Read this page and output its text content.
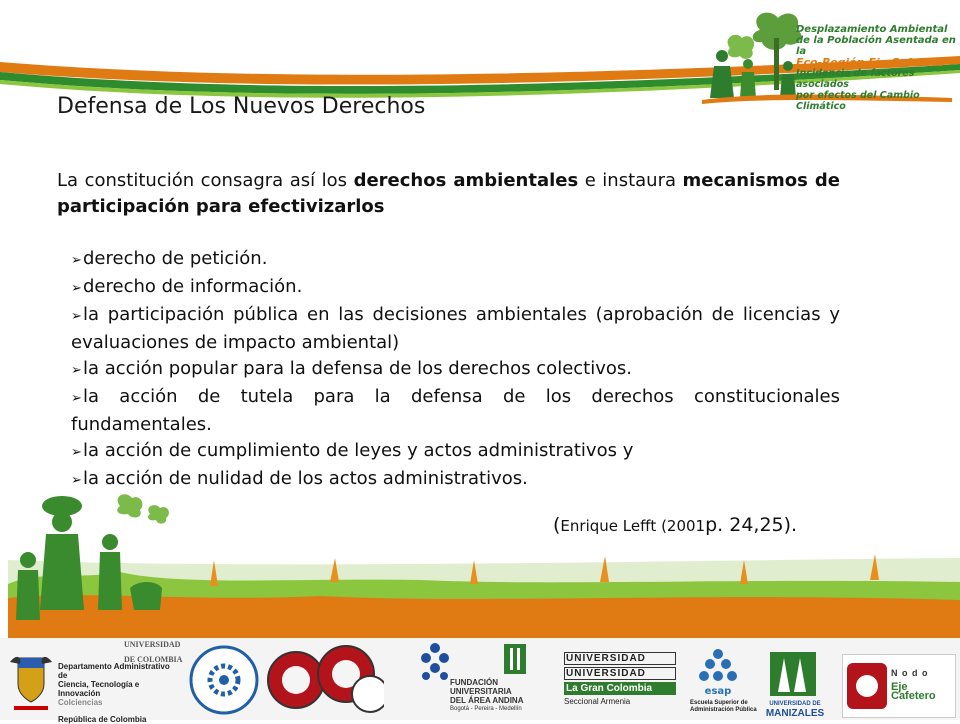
Desplazamiento Ambiental
de la Población Asentada en la
Eco-Región Eje Cafetero
Incidencia de factores asociados
por efectos del Cambio Climático
Defensa de Los Nuevos Derechos

La constitución consagra así los derechos ambientales e instaura mecanismos de participación para efectivizarlos

➢derecho de petición.
➢derecho de información.
➢la participación pública en las decisiones ambientales (aprobación de licencias y evaluaciones de impacto ambiental)
➢la acción popular para la defensa de los derechos colectivos.
➢la acción de tutela para la defensa de los derechos constitucionales fundamentales.
➢la acción de cumplimiento de leyes y actos administrativos y
➢la acción de nulidad de los actos administrativos.
(Enrique Lefft (2001p. 24,25).
Departamento Administrativo de
Ciencia, Tecnología e Innovación
Colciencias
República de Colombia
UNIVERSIDAD
DE COLOMBIA
FUNDACIÓN UNIVERSITARIA
DEL ÁREA ANDINA
Bogotá - Pereira - Medellín
UNIVERSIDAD
UNIVERSIDAD
La Gran Colombia
Seccional Armenia
esap
Escuela Superior de
Administración Pública
UNIVERSIDAD DE
MANIZALES
N o d o
Eje Cafetero
